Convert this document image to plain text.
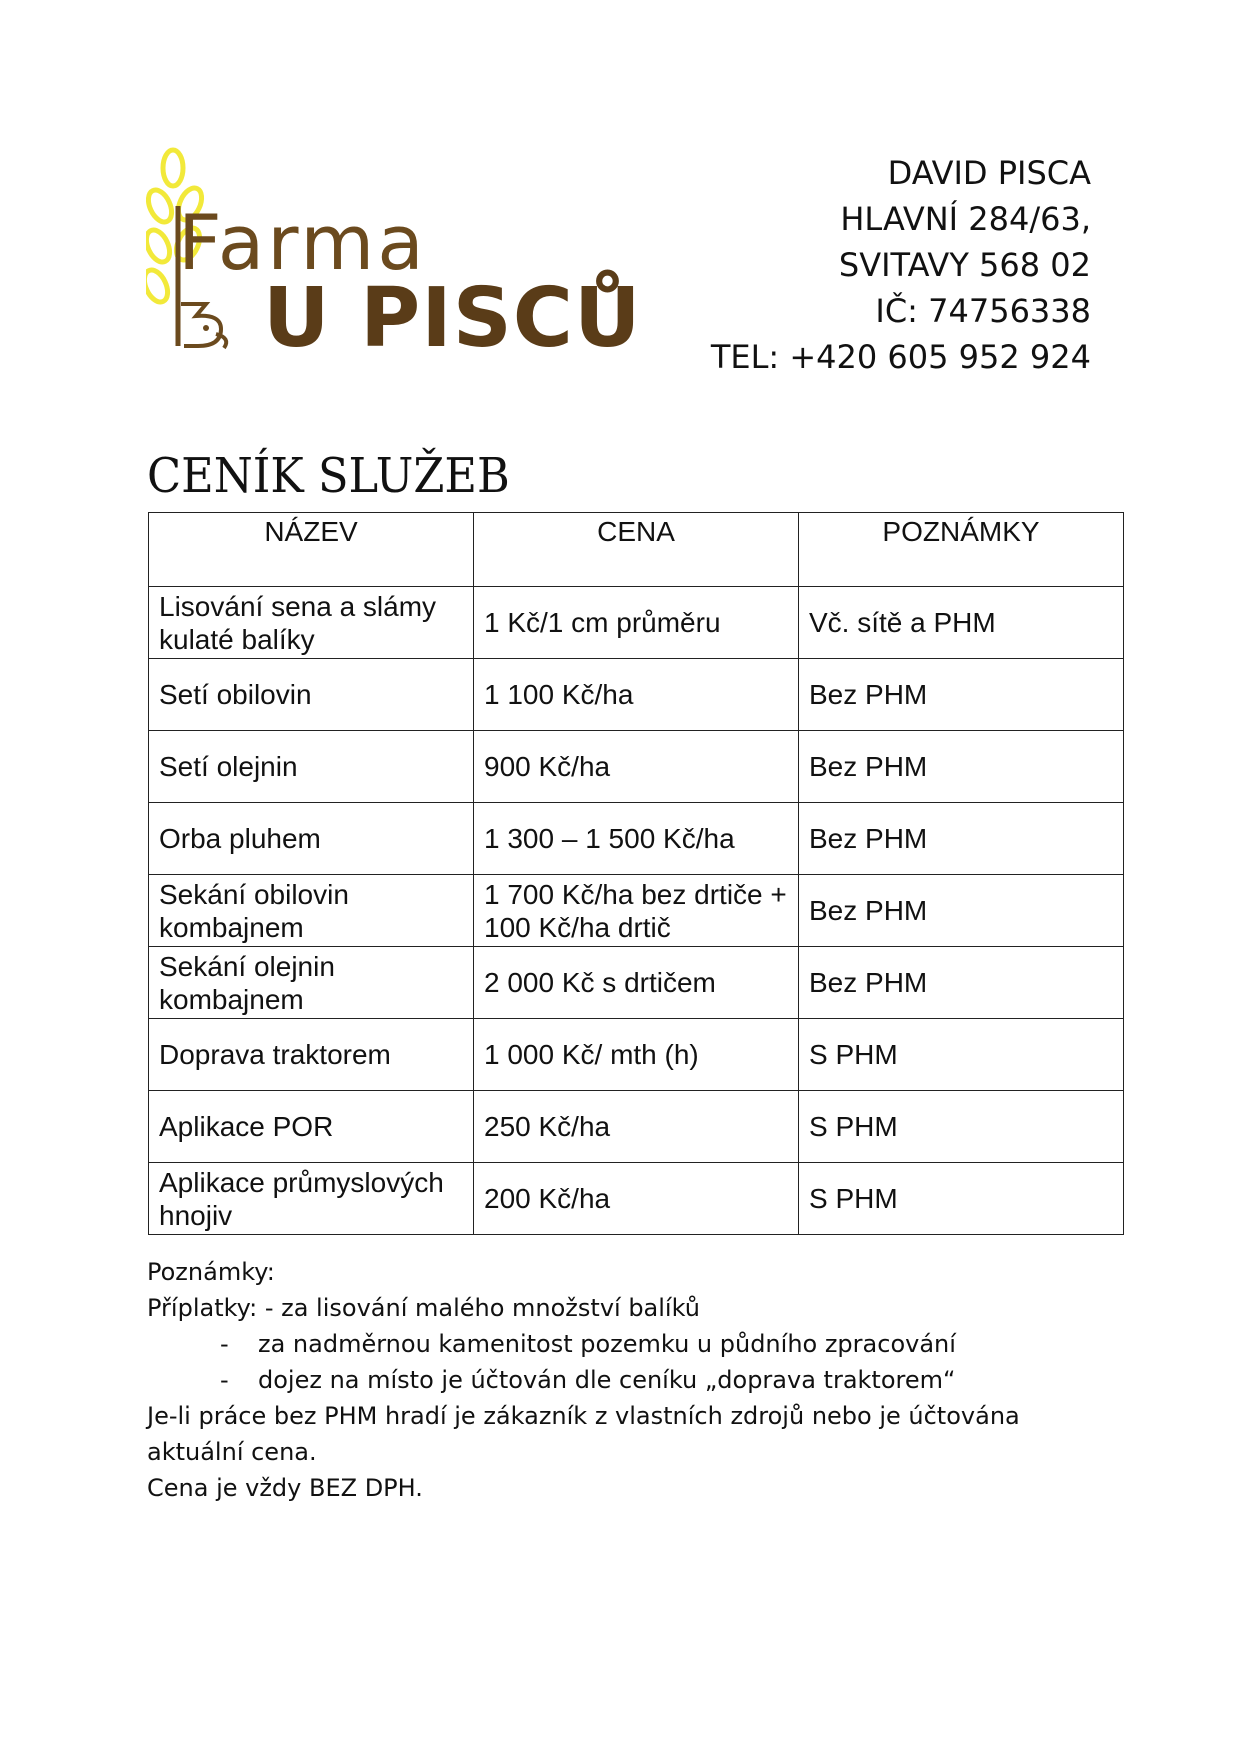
Farma
U PISCŮ
DAVID PISCA
HLAVNÍ 284/63,
SVITAVY 568 02
IČ: 74756338
TEL: +420 605 952 924
CENÍK SLUŽEB
NÁZEV	CENA	POZNÁMKY
Lisování sena a slámy kulaté balíky	1 Kč/1 cm průměru	Vč. sítě a PHM
Setí obilovin	1 100 Kč/ha	Bez PHM
Setí olejnin	900 Kč/ha	Bez PHM
Orba pluhem	1 300 – 1 500 Kč/ha	Bez PHM
Sekání obilovin kombajnem	1 700 Kč/ha bez drtiče + 100 Kč/ha drtič	Bez PHM
Sekání olejnin kombajnem	2 000 Kč s drtičem	Bez PHM
Doprava traktorem	1 000 Kč/ mth (h)	S PHM
Aplikace POR	250 Kč/ha	S PHM
Aplikace průmyslových hnojiv	200 Kč/ha	S PHM

Poznámky:

Příplatky: - za lisování malého množství balíků

-	za nadměrnou kamenitost pozemku u půdního zpracování
-	dojez na místo je účtován dle ceníku „doprava traktorem“

Je-li práce bez PHM hradí je zákazník z vlastních zdrojů nebo je účtována aktuální cena.

Cena je vždy BEZ DPH.
